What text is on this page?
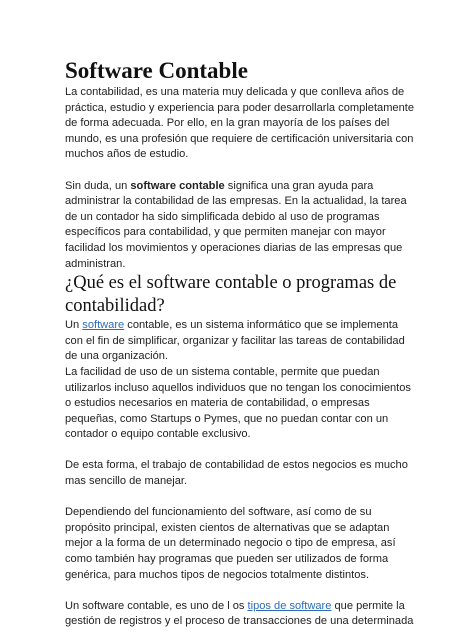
Software Contable

La contabilidad, es una materia muy delicada y que conlleva años de práctica, estudio y experiencia para poder desarrollarla completamente de forma adecuada. Por ello, en la gran mayoría de los países del mundo, es una profesión que requiere de certificación universitaria con muchos años de estudio.

Sin duda, un software contable significa una gran ayuda para administrar la contabilidad de las empresas. En la actualidad, la tarea de un contador ha sido simplificada debido al uso de programas específicos para contabilidad, y que permiten manejar con mayor facilidad los movimientos y operaciones diarias de las empresas que administran.

¿Qué es el software contable o programas de contabilidad?

Un software contable, es un sistema informático que se implementa con el fin de simplificar, organizar y facilitar las tareas de contabilidad de una organización.

La facilidad de uso de un sistema contable, permite que puedan utilizarlos incluso aquellos individuos que no tengan los conocimientos o estudios necesarios en materia de contabilidad, o empresas pequeñas, como Startups o Pymes, que no puedan contar con un contador o equipo contable exclusivo.

De esta forma, el trabajo de contabilidad de estos negocios es mucho mas sencillo de manejar.

Dependiendo del funcionamiento del software, así como de su propósito principal, existen cientos de alternativas que se adaptan mejor a la forma de un determinado negocio o tipo de empresa, así como también hay programas que pueden ser utilizados de forma genérica, para muchos tipos de negocios totalmente distintos.

Un software contable, es uno de l os tipos de software que permite la gestión de registros y el proceso de transacciones de una determinada
